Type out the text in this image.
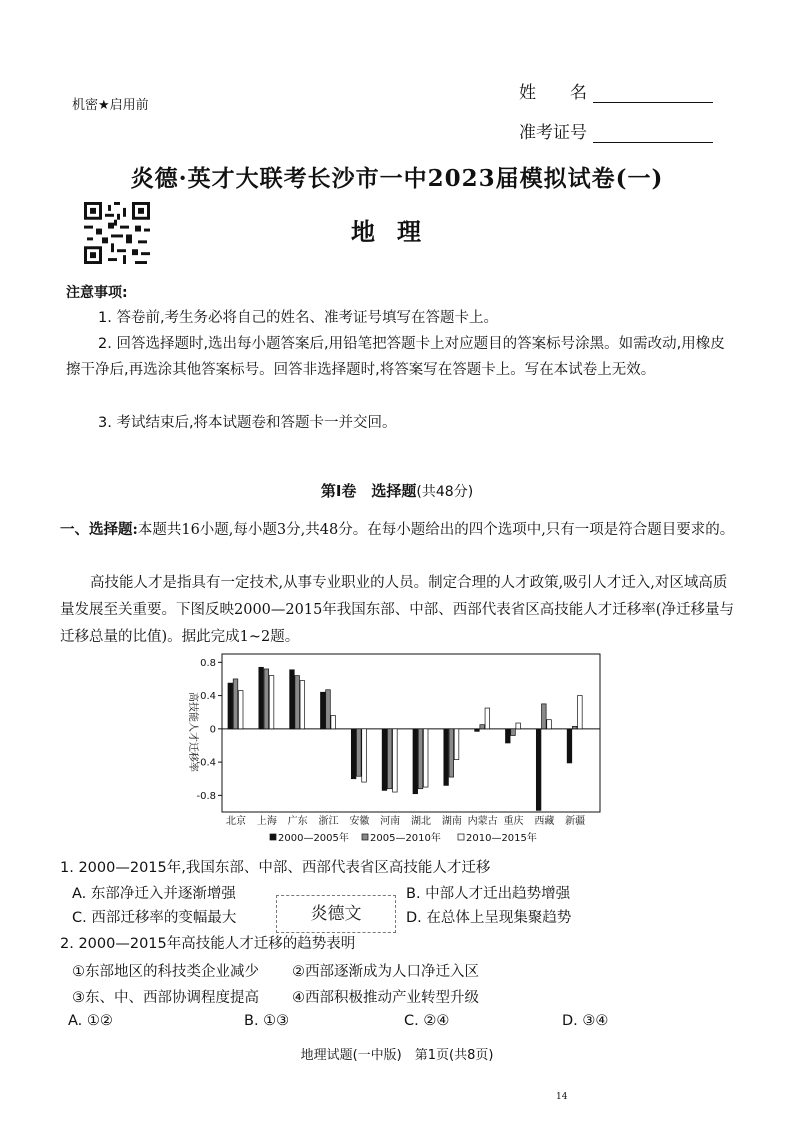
机密★启用前
姓　　名
准考证号
炎德·英才大联考长沙市一中2023届模拟试卷(一)
地理
注意事项:
1. 答卷前,考生务必将自己的姓名、准考证号填写在答题卡上。
2. 回答选择题时,选出每小题答案后,用铅笔把答题卡上对应题目的答案标号涂黑。如需改动,用橡皮擦干净后,再选涂其他答案标号。回答非选择题时,将答案写在答题卡上。写在本试卷上无效。
3. 考试结束后,将本试题卷和答题卡一并交回。
第Ⅰ卷　选择题(共48分)
一、选择题:本题共16小题,每小题3分,共48分。在每小题给出的四个选项中,只有一项是符合题目要求的。
高技能人才是指具有一定技术,从事专业职业的人员。制定合理的人才政策,吸引人才迁入,对区域高质量发展至关重要。下图反映2000—2015年我国东部、中部、西部代表省区高技能人才迁移率(净迁移量与迁移总量的比值)。据此完成1~2题。
高技能人才迁移率
0.8
0.4
0
-0.4
-0.8
北京 上海 广东 浙江 安徽 河南 湖北 湖南 内蒙古 重庆 西藏 新疆
2000—2005年 2005—2010年	2010—2015年
1. 2000—2015年,我国东部、中部、西部代表省区高技能人才迁移
A. 东部净迁入并逐渐增强	B. 中部人才迁出趋势增强
C. 西部迁移率的变幅最大	D. 在总体上呈现集聚趋势
炎德文
2. 2000—2015年高技能人才迁移的趋势表明
①东部地区的科技类企业减少 ②西部逐渐成为人口净迁入区
③东、中、西部协调程度提高 ④西部积极推动产业转型升级
A. ①②	B. ①③	C. ②④	D. ③④
地理试题(一中版)　第1页(共8页)
14
